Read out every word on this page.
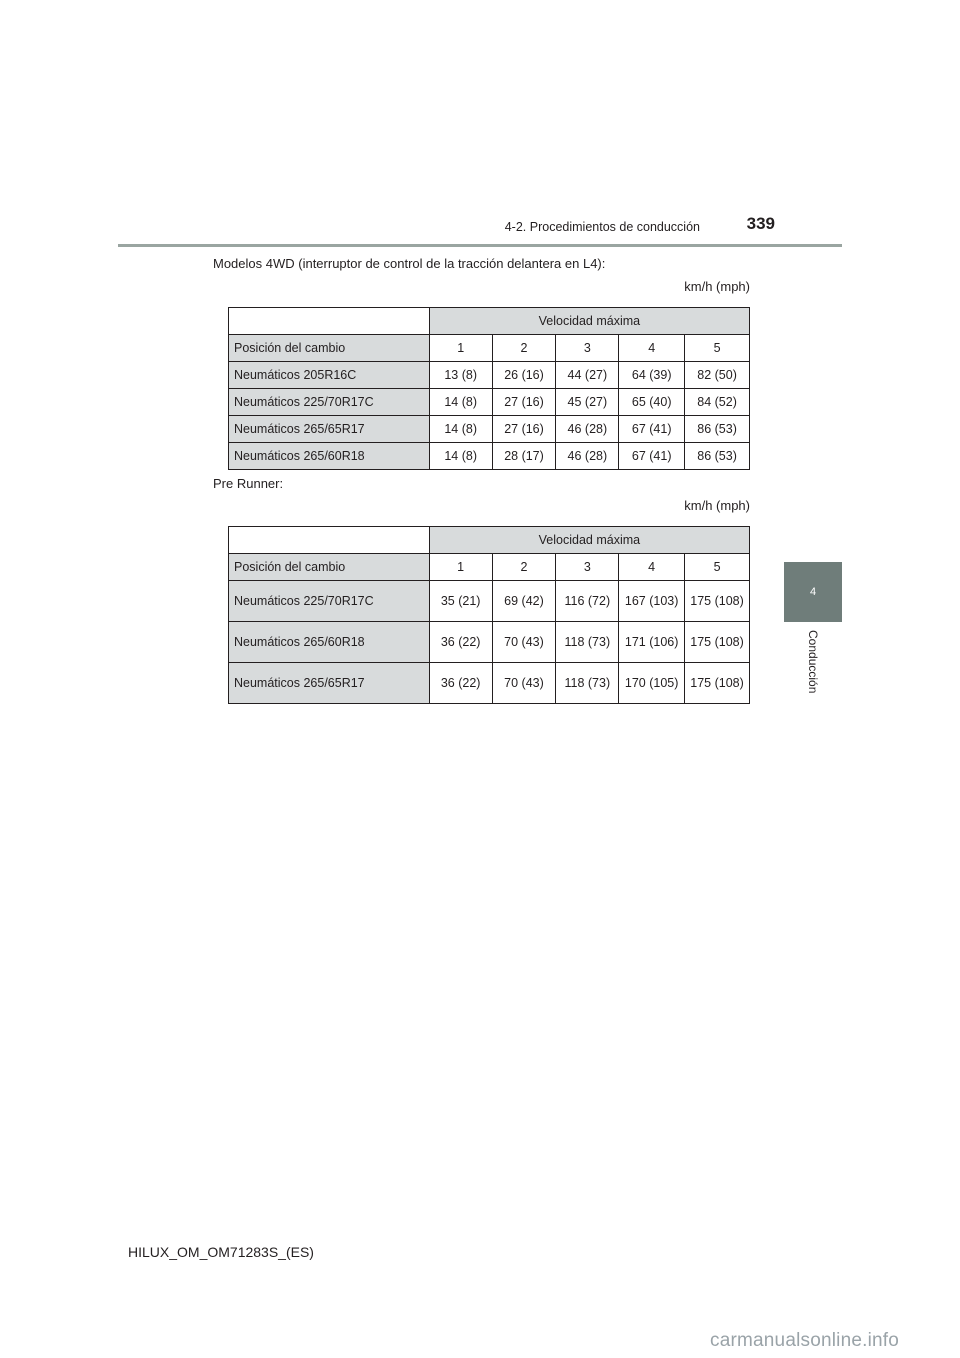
4-2. Procedimientos de conducción	339
4
Conducción
Modelos 4WD (interruptor de control de la tracción delantera en L4):
km/h (mph)
	Velocidad máxima				
Posición del cambio	1	2	3	4	5
Neumáticos 205R16C	13 (8)	26 (16)	44 (27)	64 (39)	82 (50)
Neumáticos 225/70R17C	14 (8)	27 (16)	45 (27)	65 (40)	84 (52)
Neumáticos 265/65R17	14 (8)	27 (16)	46 (28)	67 (41)	86 (53)
Neumáticos 265/60R18	14 (8)	28 (17)	46 (28)	67 (41)	86 (53)
Pre Runner:
km/h (mph)
	Velocidad máxima				
Posición del cambio	1	2	3	4	5
Neumáticos 225/70R17C	35 (21)	69 (42)	116 (72)	167 (103)	175 (108)
Neumáticos 265/60R18	36 (22)	70 (43)	118 (73)	171 (106)	175 (108)
Neumáticos 265/65R17	36 (22)	70 (43)	118 (73)	170 (105)	175 (108)
HILUX_OM_OM71283S_(ES)
carmanualsonline.info
